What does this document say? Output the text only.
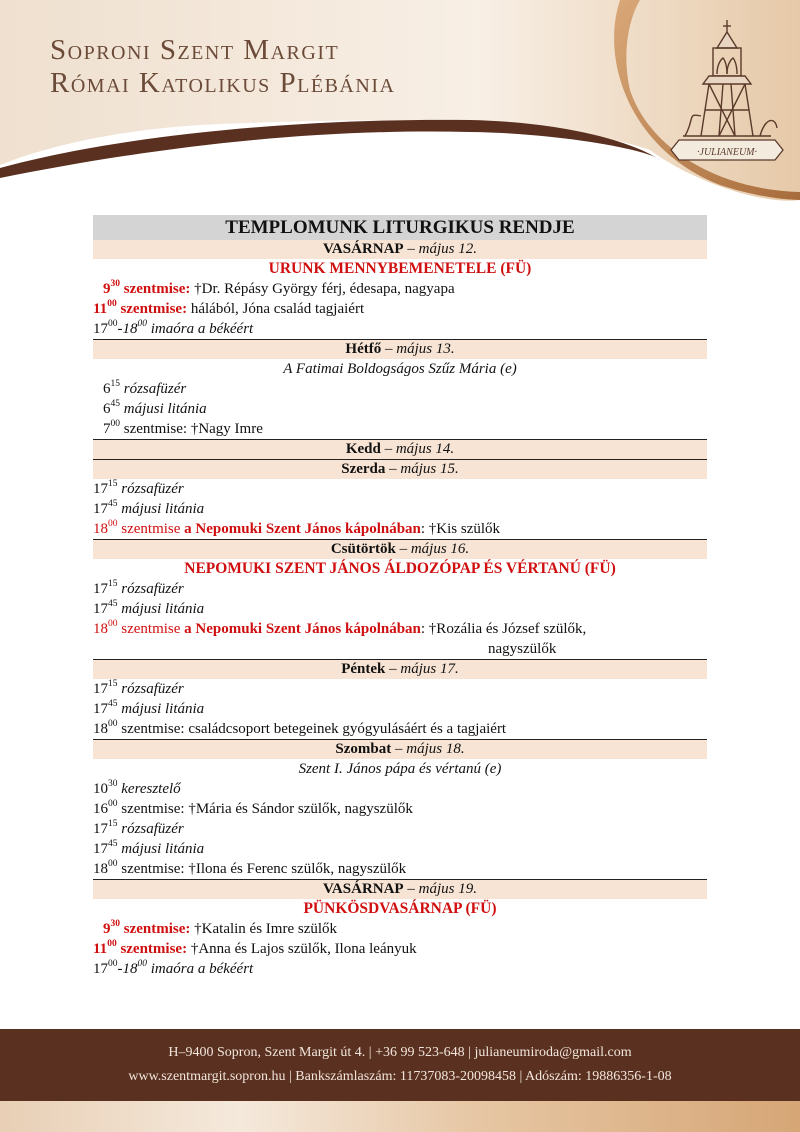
Soproni Szent Margit
Római Katolikus Plébánia
·JULIANEUM·
TEMPLOMUNK LITURGIKUS RENDJE
VASÁRNAP – május 12.
URUNK MENNYBEMENETELE (FÜ)
$9^{30}$ szentmise: †Dr. Répásy György férj, édesapa, nagyapa
$11^{00}$ szentmise: hálából, Jóna család tagjaiért
$17^{00}-18^{00}$ imaóra a békéért
Hétfő – május 13.
A Fatimai Boldogságos Szűz Mária (e)
$6^{15}$ rózsafüzér
$6^{45}$ májusi litánia
$7^{00}$ szentmise: †Nagy Imre
Kedd – május 14.
Szerda – május 15.
$17^{15}$ rózsafüzér
$17^{45}$ májusi litánia
$18^{00}$ szentmise a Nepomuki Szent János kápolnában: †Kis szülők
Csütörtök – május 16.
NEPOMUKI SZENT JÁNOS ÁLDOZÓPAP ÉS VÉRTANÚ (FÜ)
$17^{15}$ rózsafüzér
$17^{45}$ májusi litánia
$18^{00}$ szentmise a Nepomuki Szent János kápolnában: †Rozália és József szülők,
nagyszülők
Péntek – május 17.
$17^{15}$ rózsafüzér
$17^{45}$ májusi litánia
$18^{00}$ szentmise: családcsoport betegeinek gyógyulásáért és a tagjaiért
Szombat – május 18.
Szent I. János pápa és vértanú (e)
$10^{30}$ keresztelő
$16^{00}$ szentmise: †Mária és Sándor szülők, nagyszülők
$17^{15}$ rózsafüzér
$17^{45}$ májusi litánia
$18^{00}$ szentmise: †Ilona és Ferenc szülők, nagyszülők
VASÁRNAP – május 19.
PÜNKÖSDVASÁRNAP (FÜ)
$9^{30}$ szentmise: †Katalin és Imre szülők
$11^{00}$ szentmise: †Anna és Lajos szülők, Ilona leányuk
$17^{00}-18^{00}$ imaóra a békéért
H–9400 Sopron, Szent Margit út 4. | +36 99 523-648 | julianeumiroda@gmail.com
www.szentmargit.sopron.hu | Bankszámlaszám: 11737083-20098458 | Adószám: 19886356-1-08
